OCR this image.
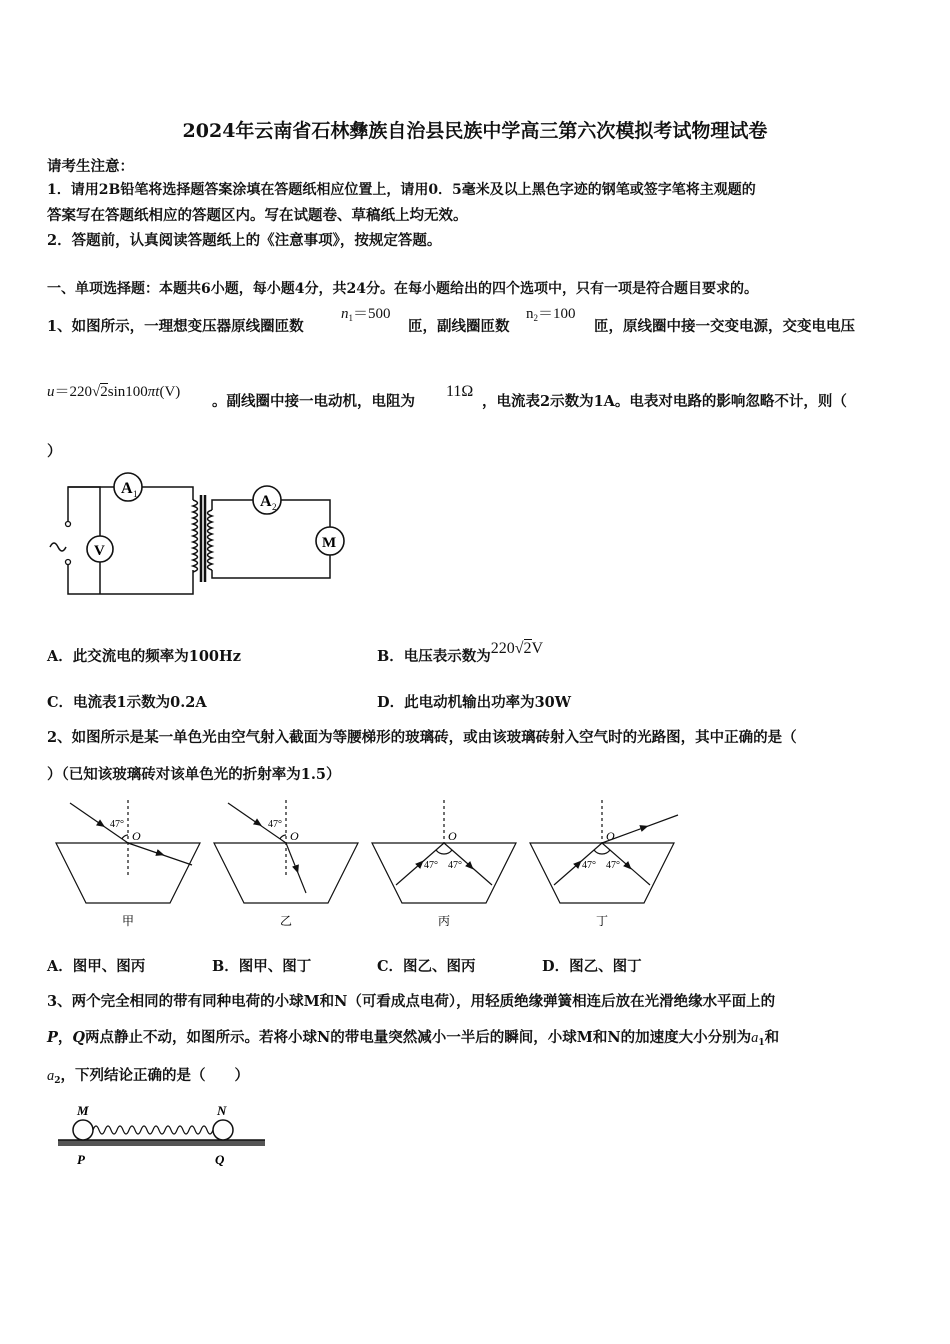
2024年云南省石林彝族自治县民族中学高三第六次模拟考试物理试卷
请考生注意：
1．请用2B铅笔将选择题答案涂填在答题纸相应位置上，请用0．5毫米及以上黑色字迹的钢笔或签字笔将主观题的
答案写在答题纸相应的答题区内。写在试题卷、草稿纸上均无效。
2．答题前，认真阅读答题纸上的《注意事项》，按规定答题。
一、单项选择题：本题共6小题，每小题4分，共24分。在每小题给出的四个选项中，只有一项是符合题目要求的。
1、如图所示，一理想变压器原线圈匝数
$n_1=500$
匝，副线圈匝数
$n_2=100$
匝，原线圈中接一交变电源，交变电电压
u＝220√2sin100πt(V)
。副线圈中接一电动机，电阻为
11Ω
，电流表2示数为1A。电表对电路的影响忽略不计，则（
）
A 1
V
A 2
M
A．此交流电的频率为100Hz	B．电压表示数为220√2V
C．电流表1示数为0.2A	D．此电动机输出功率为30W
2、如图所示是某一单色光由空气射入截面为等腰梯形的玻璃砖，或由该玻璃砖射入空气时的光路图，其中正确的是（
）（已知该玻璃砖对该单色光的折射率为1.5）
47°	47°
47° 47°	47° 47°
O	O	O	O
甲	乙	丙	丁
A．图甲、图丙	B．图甲、图丁	C．图乙、图丙	D．图乙、图丁
3、两个完全相同的带有同种电荷的小球M和N（可看成点电荷），用轻质绝缘弹簧相连后放在光滑绝缘水平面上的
P，Q两点静止不动，如图所示。若将小球N的带电量突然减小一半后的瞬间，小球M和N的加速度大小分别为$a_1$和
$a_2$，下列结论正确的是（　　）
M	N
P	Q
